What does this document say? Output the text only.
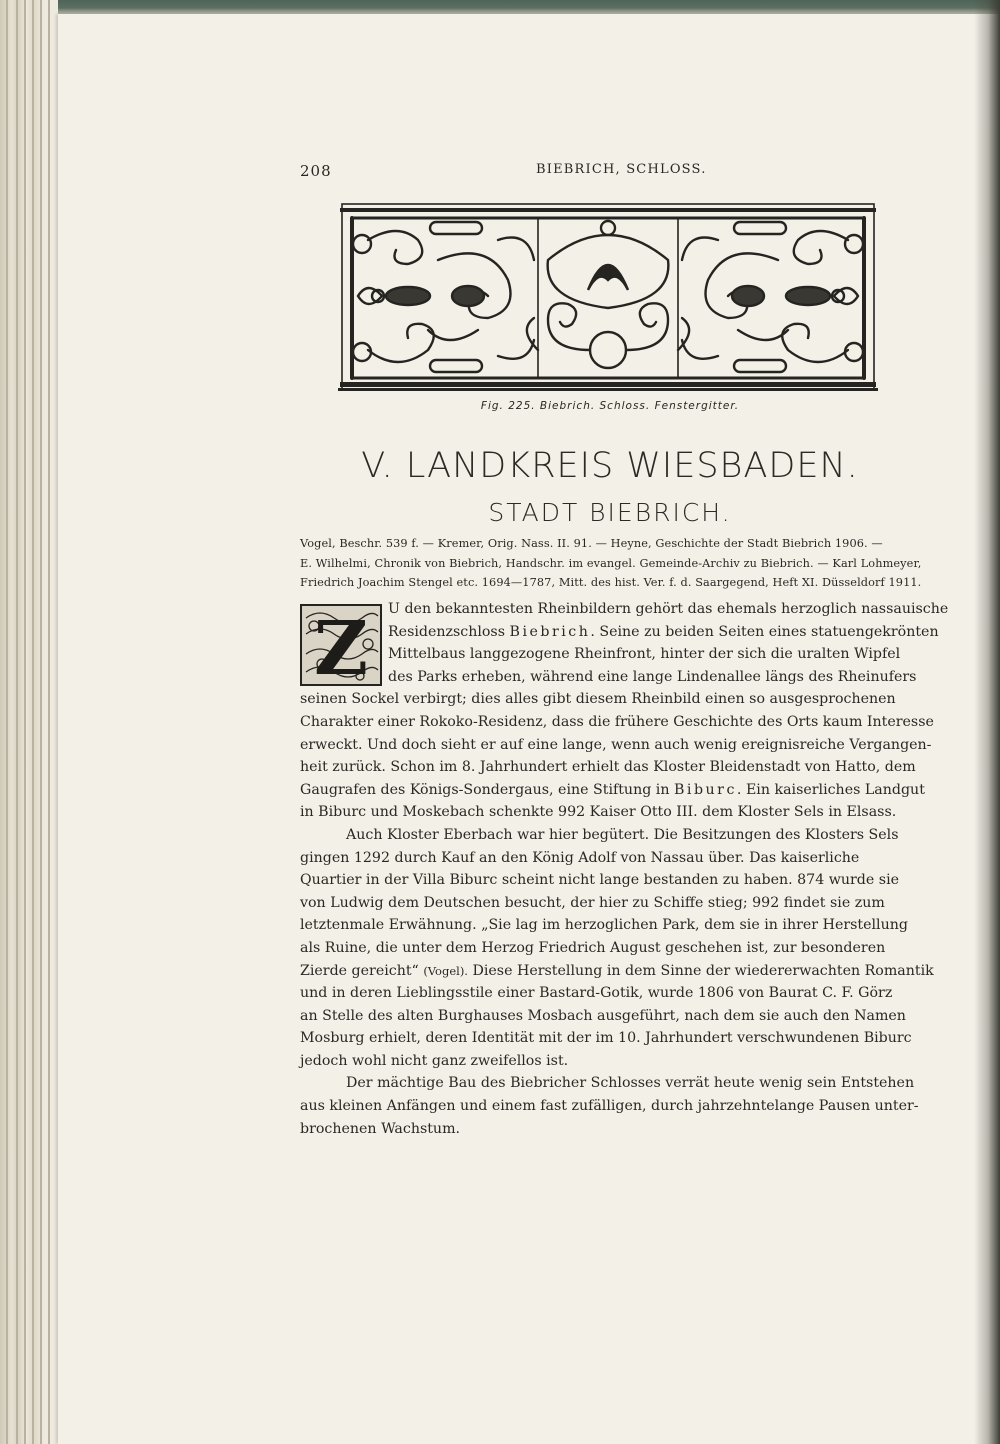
208	BIEBRICH, SCHLOSS.
Fig. 225. Biebrich. Schloss. Fenstergitter.
V. LANDKREIS WIESBADEN.
STADT BIEBRICH.
Vogel, Beschr. 539 f. — Kremer, Orig. Nass. II. 91. — Heyne, Geschichte der Stadt Biebrich 1906. —
E. Wilhelmi, Chronik von Biebrich, Handschr. im evangel. Gemeinde-Archiv zu Biebrich. — Karl Lohmeyer,
Friedrich Joachim Stengel etc. 1694—1787, Mitt. des hist. Ver. f. d. Saargegend, Heft XI. Düsseldorf 1911.
Z	U den bekanntesten Rheinbildern gehört das ehemals herzoglich nassauische
Residenzschloss Biebrich. Seine zu beiden Seiten eines statuengekrönten
Mittelbaus langgezogene Rheinfront, hinter der sich die uralten Wipfel
des Parks erheben, während eine lange Lindenallee längs des Rheinufers
seinen Sockel verbirgt; dies alles gibt diesem Rheinbild einen so ausgesprochenen
Charakter einer Rokoko-Residenz, dass die frühere Geschichte des Orts kaum Interesse
erweckt. Und doch sieht er auf eine lange, wenn auch wenig ereignisreiche Vergangen-
heit zurück. Schon im 8. Jahrhundert erhielt das Kloster Bleidenstadt von Hatto, dem
Gaugrafen des Königs-Sondergaus, eine Stiftung in Biburc. Ein kaiserliches Landgut
in Biburc und Moskebach schenkte 992 Kaiser Otto III. dem Kloster Sels in Elsass.
Auch Kloster Eberbach war hier begütert. Die Besitzungen des Klosters Sels
gingen 1292 durch Kauf an den König Adolf von Nassau über. Das kaiserliche
Quartier in der Villa Biburc scheint nicht lange bestanden zu haben. 874 wurde sie
von Ludwig dem Deutschen besucht, der hier zu Schiffe stieg; 992 findet sie zum
letztenmale Erwähnung. „Sie lag im herzoglichen Park, dem sie in ihrer Herstellung
als Ruine, die unter dem Herzog Friedrich August geschehen ist, zur besonderen
Zierde gereicht“ (Vogel). Diese Herstellung in dem Sinne der wiedererwachten Romantik
und in deren Lieblingsstile einer Bastard-Gotik, wurde 1806 von Baurat C. F. Görz
an Stelle des alten Burghauses Mosbach ausgeführt, nach dem sie auch den Namen
Mosburg erhielt, deren Identität mit der im 10. Jahrhundert verschwundenen Biburc
jedoch wohl nicht ganz zweifellos ist.
Der mächtige Bau des Biebricher Schlosses verrät heute wenig sein Entstehen
aus kleinen Anfängen und einem fast zufälligen, durch jahrzehntelange Pausen unter-
brochenen Wachstum.
